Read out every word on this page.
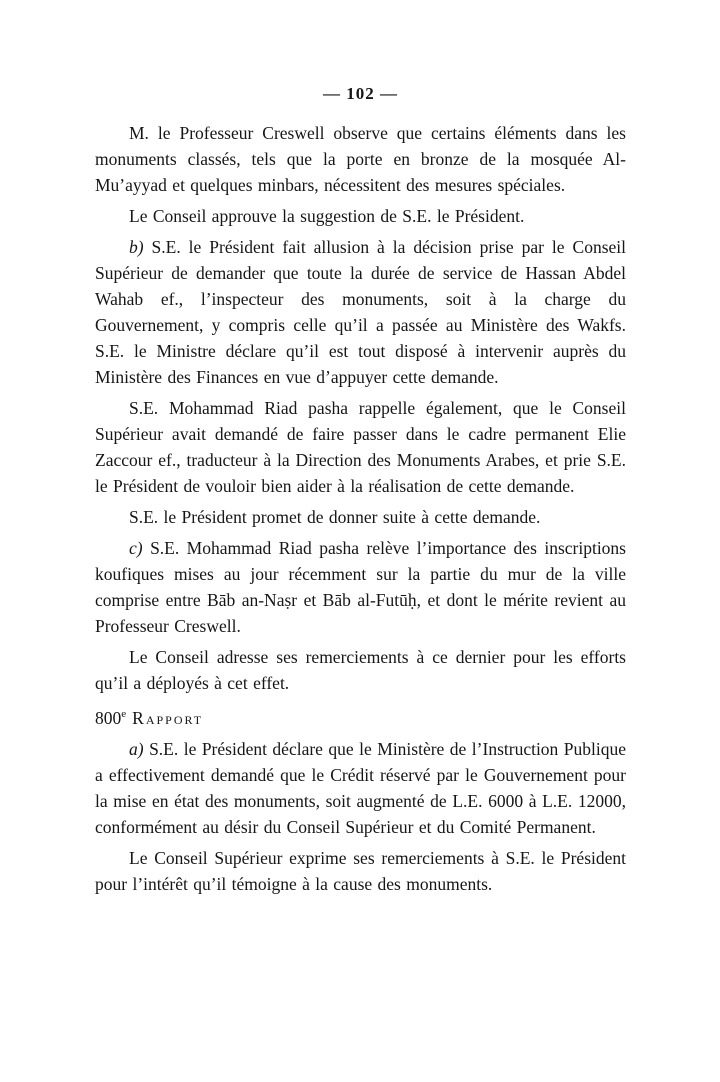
— 102 —

M. le Professeur Creswell observe que certains éléments dans les monuments classés, tels que la porte en bronze de la mosquée Al-Mu’ayyad et quelques minbars, nécessitent des mesures spéciales.

Le Conseil approuve la suggestion de S.E. le Président.

b) S.E. le Président fait allusion à la décision prise par le Conseil Supérieur de demander que toute la durée de service de Hassan Abdel Wahab ef., l’inspecteur des monuments, soit à la charge du Gouvernement, y compris celle qu’il a passée au Ministère des Wakfs. S.E. le Ministre déclare qu’il est tout disposé à intervenir auprès du Ministère des Finances en vue d’appuyer cette demande.

S.E. Mohammad Riad pasha rappelle également, que le Conseil Supérieur avait demandé de faire passer dans le cadre permanent Elie Zaccour ef., traducteur à la Direction des Monuments Arabes, et prie S.E. le Président de vouloir bien aider à la réalisation de cette demande.

S.E. le Président promet de donner suite à cette demande.

c) S.E. Mohammad Riad pasha relève l’importance des inscriptions koufiques mises au jour récemment sur la partie du mur de la ville comprise entre Bāb an-Naṣr et Bāb al-Futūḥ, et dont le mérite revient au Professeur Creswell.

Le Conseil adresse ses remerciements à ce dernier pour les efforts qu’il a déployés à cet effet.

800e Rapport

a) S.E. le Président déclare que le Ministère de l’Instruction Publique a effectivement demandé que le Crédit réservé par le Gouvernement pour la mise en état des monuments, soit augmenté de L.E. 6000 à L.E. 12000, conformément au désir du Conseil Supérieur et du Comité Permanent.

Le Conseil Supérieur exprime ses remerciements à S.E. le Président pour l’intérêt qu’il témoigne à la cause des monuments.
